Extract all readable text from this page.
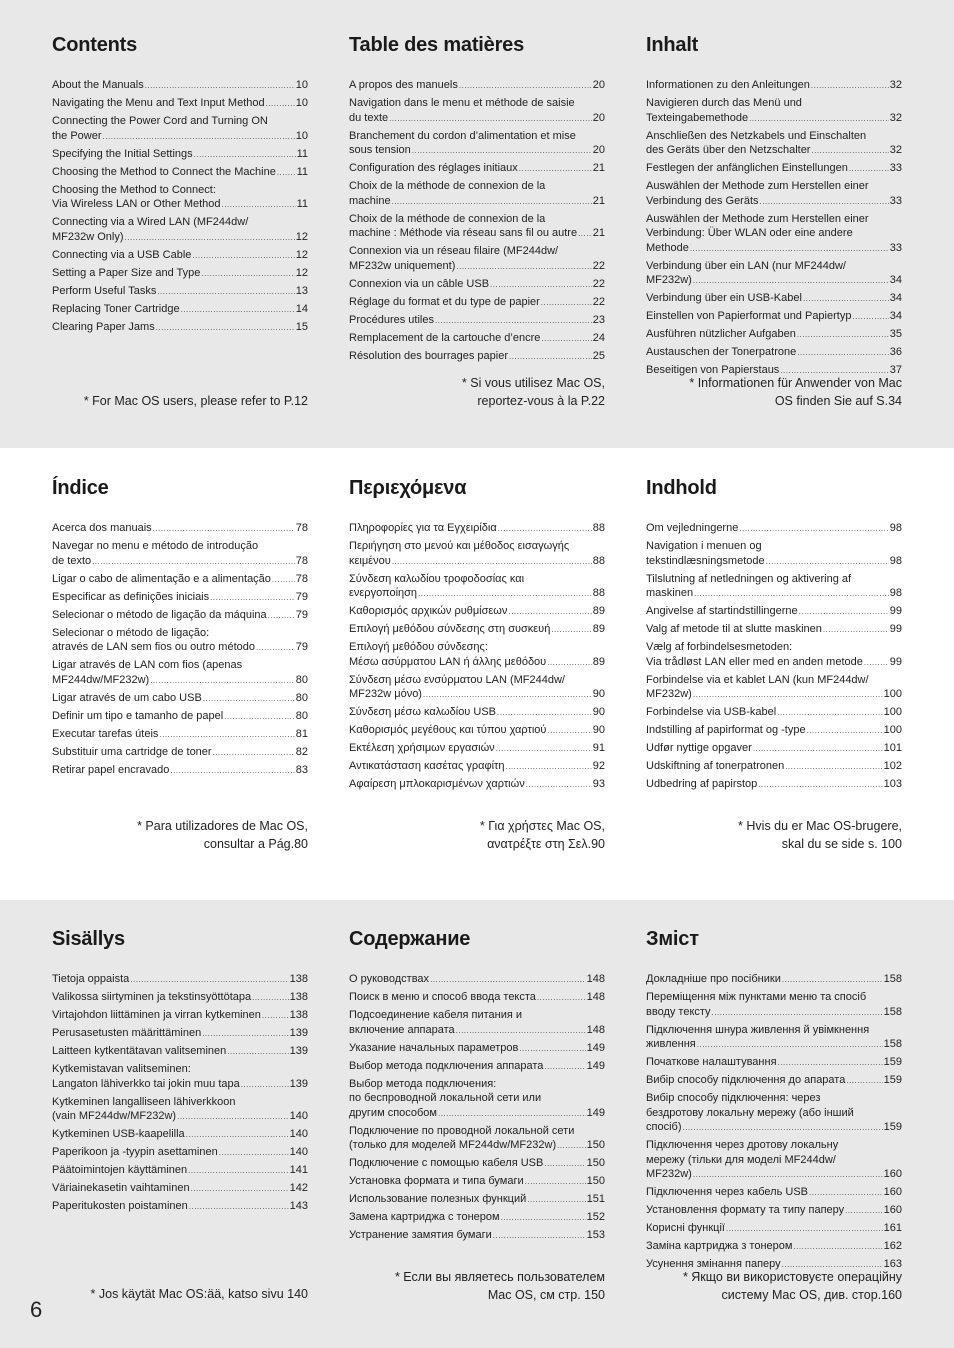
Contents
About the Manuals .....	10
Navigating the Menu and Text Input Method .....	10
Connecting the Power Cord and Turning ON
the Power .....	10
Specifying the Initial Settings .....	11
Choosing the Method to Connect the Machine ..... 11
Choosing the Method to Connect:
Via Wireless LAN or Other Method .....	11
Connecting via a Wired LAN (MF244dw/
MF232w Only) .....	12
Connecting via a USB Cable .....	12
Setting a Paper Size and Type .....	12
Perform Useful Tasks .....	13
Replacing Toner Cartridge .....	14
Clearing Paper Jams .....	15
* For Mac OS users, please refer to P.12
Table des matières
A propos des manuels .....	20
Navigation dans le menu et méthode de saisie
du texte .....	20
Branchement du cordon d’alimentation et mise
sous tension .....	20
Configuration des réglages initiaux .....	21
Choix de la méthode de connexion de la
machine .....	21
Choix de la méthode de connexion de la
machine : Méthode via réseau sans fil ou autre ..... 21
Connexion via un réseau filaire (MF244dw/
MF232w uniquement) .....	22
Connexion via un câble USB .....	22
Réglage du format et du type de papier .....	22
Procédures utiles .....	23
Remplacement de la cartouche d’encre .....	24
Résolution des bourrages papier .....	25
* Si vous utilisez Mac OS,
reportez-vous à la P.22
Inhalt
Informationen zu den Anleitungen .....	32
Navigieren durch das Menü und
Texteingabemethode .....	32
Anschließen des Netzkabels und Einschalten
des Geräts über den Netzschalter .....	32
Festlegen der anfänglichen Einstellungen .....	33
Auswählen der Methode zum Herstellen einer
Verbindung des Geräts .....	33
Auswählen der Methode zum Herstellen einer
Verbindung: Über WLAN oder eine andere
Methode .....	33
Verbindung über ein LAN (nur MF244dw/
MF232w) .....	34
Verbindung über ein USB-Kabel .....	34
Einstellen von Papierformat und Papiertyp .....	34
Ausführen nützlicher Aufgaben .....	35
Austauschen der Tonerpatrone .....	36
Beseitigen von Papierstaus .....	37
* Informationen für Anwender von Mac
OS finden Sie auf S.34
Índice
Acerca dos manuais .....	78
Navegar no menu e método de introdução
de texto .....	78
Ligar o cabo de alimentação e a alimentação ..... 78
Especificar as definições iniciais .....	79
Selecionar o método de ligação da máquina .....	79
Selecionar o método de ligação:
através de LAN sem fios ou outro método .....	79
Ligar através de LAN com fios (apenas
MF244dw/MF232w) .....	80
Ligar através de um cabo USB .....	80
Definir um tipo e tamanho de papel .....	80
Executar tarefas úteis .....	81
Substituir uma cartridge de toner .....	82
Retirar papel encravado .....	83
* Para utilizadores de Mac OS,
consultar a Pág.80
Περιεχόμενα
Πληροφορίες για τα Εγχειρίδια .....	88
Περιήγηση στο μενού και μέθοδος εισαγωγής
κειμένου .....	88
Σύνδεση καλωδίου τροφοδοσίας και
ενεργοποίηση .....	88
Καθορισμός αρχικών ρυθμίσεων .....	89
Επιλογή μεθόδου σύνδεσης στη συσκευή .....	89
Επιλογή μεθόδου σύνδεσης:
Μέσω ασύρματου LAN ή άλλης μεθόδου .....	89
Σύνδεση μέσω ενσύρματου LAN (MF244dw/
MF232w μόνο) .....	90
Σύνδεση μέσω καλωδίου USB .....	90
Καθορισμός μεγέθους και τύπου χαρτιού .....	90
Εκτέλεση χρήσιμων εργασιών .....	91
Αντικατάσταση κασέτας γραφίτη .....	92
Αφαίρεση μπλοκαρισμένων χαρτιών .....	93
* Για χρήστες Mac OS,
ανατρέξτε στη Σελ.90
Indhold
Om vejledningerne .....	98
Navigation i menuen og
tekstindlæsningsmetode .....	98
Tilslutning af netledningen og aktivering af
maskinen .....	98
Angivelse af startindstillingerne .....	99
Valg af metode til at slutte maskinen .....	99
Vælg af forbindelsesmetoden:
Via trådløst LAN eller med en anden metode ..... 99
Forbindelse via et kablet LAN (kun MF244dw/
MF232w) .....	100
Forbindelse via USB-kabel .....	100
Indstilling af papirformat og -type .....	100
Udfør nyttige opgaver .....	101
Udskiftning af tonerpatronen .....	102
Udbedring af papirstop .....	103
* Hvis du er Mac OS-brugere,
skal du se side s. 100
Sisällys
Tietoja oppaista .....	138
Valikossa siirtyminen ja tekstinsyöttötapa .....	138
Virtajohdon liittäminen ja virran kytkeminen .....	138
Perusasetusten määrittäminen .....	139
Laitteen kytkentätavan valitseminen .....	139
Kytkemistavan valitseminen:
Langaton lähiverkko tai jokin muu tapa .....	139
Kytkeminen langalliseen lähiverkkoon
(vain MF244dw/MF232w) .....	140
Kytkeminen USB-kaapelilla .....	140
Paperikoon ja -tyypin asettaminen .....	140
Päätoimintojen käyttäminen .....	141
Väriainekasetin vaihtaminen .....	142
Paperitukosten poistaminen .....	143
* Jos käytät Mac OS:ää, katso sivu 140
Содержание
О руководствах .....	148
Поиск в меню и способ ввода текста .....	148
Подсоединение кабеля питания и
включение аппарата .....	148
Указание начальных параметров .....	149
Выбор метода подключения аппарата .....	149
Выбор метода подключения:
по беспроводной локальной сети или
другим способом .....	149
Подключение по проводной локальной сети
(только для моделей MF244dw/MF232w) .....	150
Подключение с помощью кабеля USB .....	150
Установка формата и типа бумаги .....	150
Использование полезных функций .....	151
Замена картриджа с тонером .....	152
Устранение замятия бумаги .....	153
* Если вы являетесь пользователем
Mac OS, см стр. 150
Зміст
Докладніше про посібники .....	158
Переміщення між пунктами меню та спосіб
вводу тексту .....	158
Підключення шнура живлення й увімкнення
живлення .....	158
Початкове налаштування .....	159
Вибір способу підключення до апарата .....	159
Вибір способу підключення: через
бездротову локальну мережу (або інший
спосіб) .....	159
Підключення через дротову локальну
мережу (тільки для моделі MF244dw/
MF232w) .....	160
Підключення через кабель USB .....	160
Установлення формату та типу паперу .....	160
Корисні функції .....	161
Заміна картриджа з тонером .....	162
Усунення змінання паперу .....	163
* Якщо ви використовуєте операційну
систему Mac OS, див. стор.160
6
